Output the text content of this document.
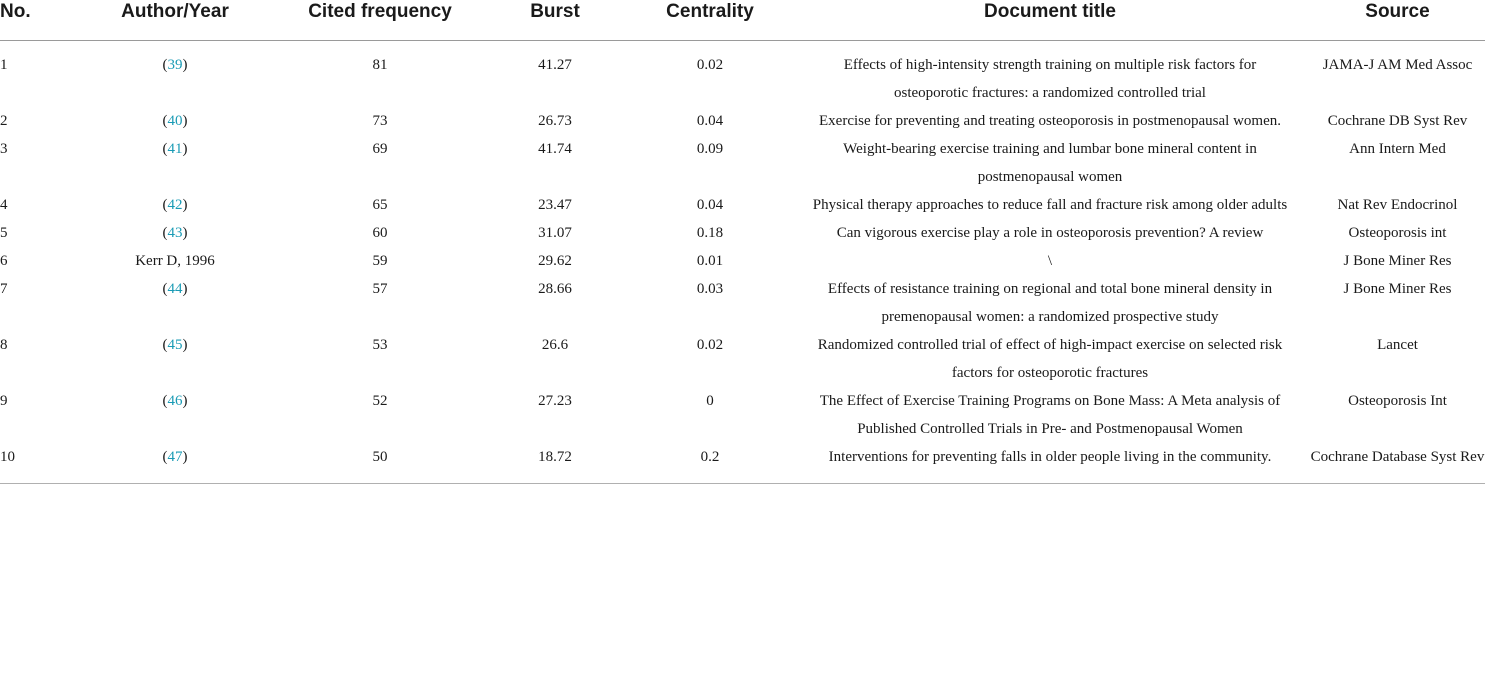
No.	Author/Year	Cited frequency	Burst	Centrality	Document title	Source
1	(39)	81	41.27	0.02	Effects of high-intensity strength training on multiple risk factors for osteoporotic fractures: a randomized controlled trial	JAMA-J AM Med Assoc
2	(40)	73	26.73	0.04	Exercise for preventing and treating osteoporosis in postmenopausal women.	Cochrane DB Syst Rev
3	(41)	69	41.74	0.09	Weight-bearing exercise training and lumbar bone mineral content in postmenopausal women	Ann Intern Med
4	(42)	65	23.47	0.04	Physical therapy approaches to reduce fall and fracture risk among older adults	Nat Rev Endocrinol
5	(43)	60	31.07	0.18	Can vigorous exercise play a role in osteoporosis prevention? A review	Osteoporosis int
6	Kerr D, 1996	59	29.62	0.01	\	J Bone Miner Res
7	(44)	57	28.66	0.03	Effects of resistance training on regional and total bone mineral density in premenopausal women: a randomized prospective study	J Bone Miner Res
8	(45)	53	26.6	0.02	Randomized controlled trial of effect of high-impact exercise on selected risk factors for osteoporotic fractures	Lancet
9	(46)	52	27.23	0	The Effect of Exercise Training Programs on Bone Mass: A Meta analysis of Published Controlled Trials in Pre- and Postmenopausal Women	Osteoporosis Int
10	(47)	50	18.72	0.2	Interventions for preventing falls in older people living in the community.	Cochrane Database Syst Rev
